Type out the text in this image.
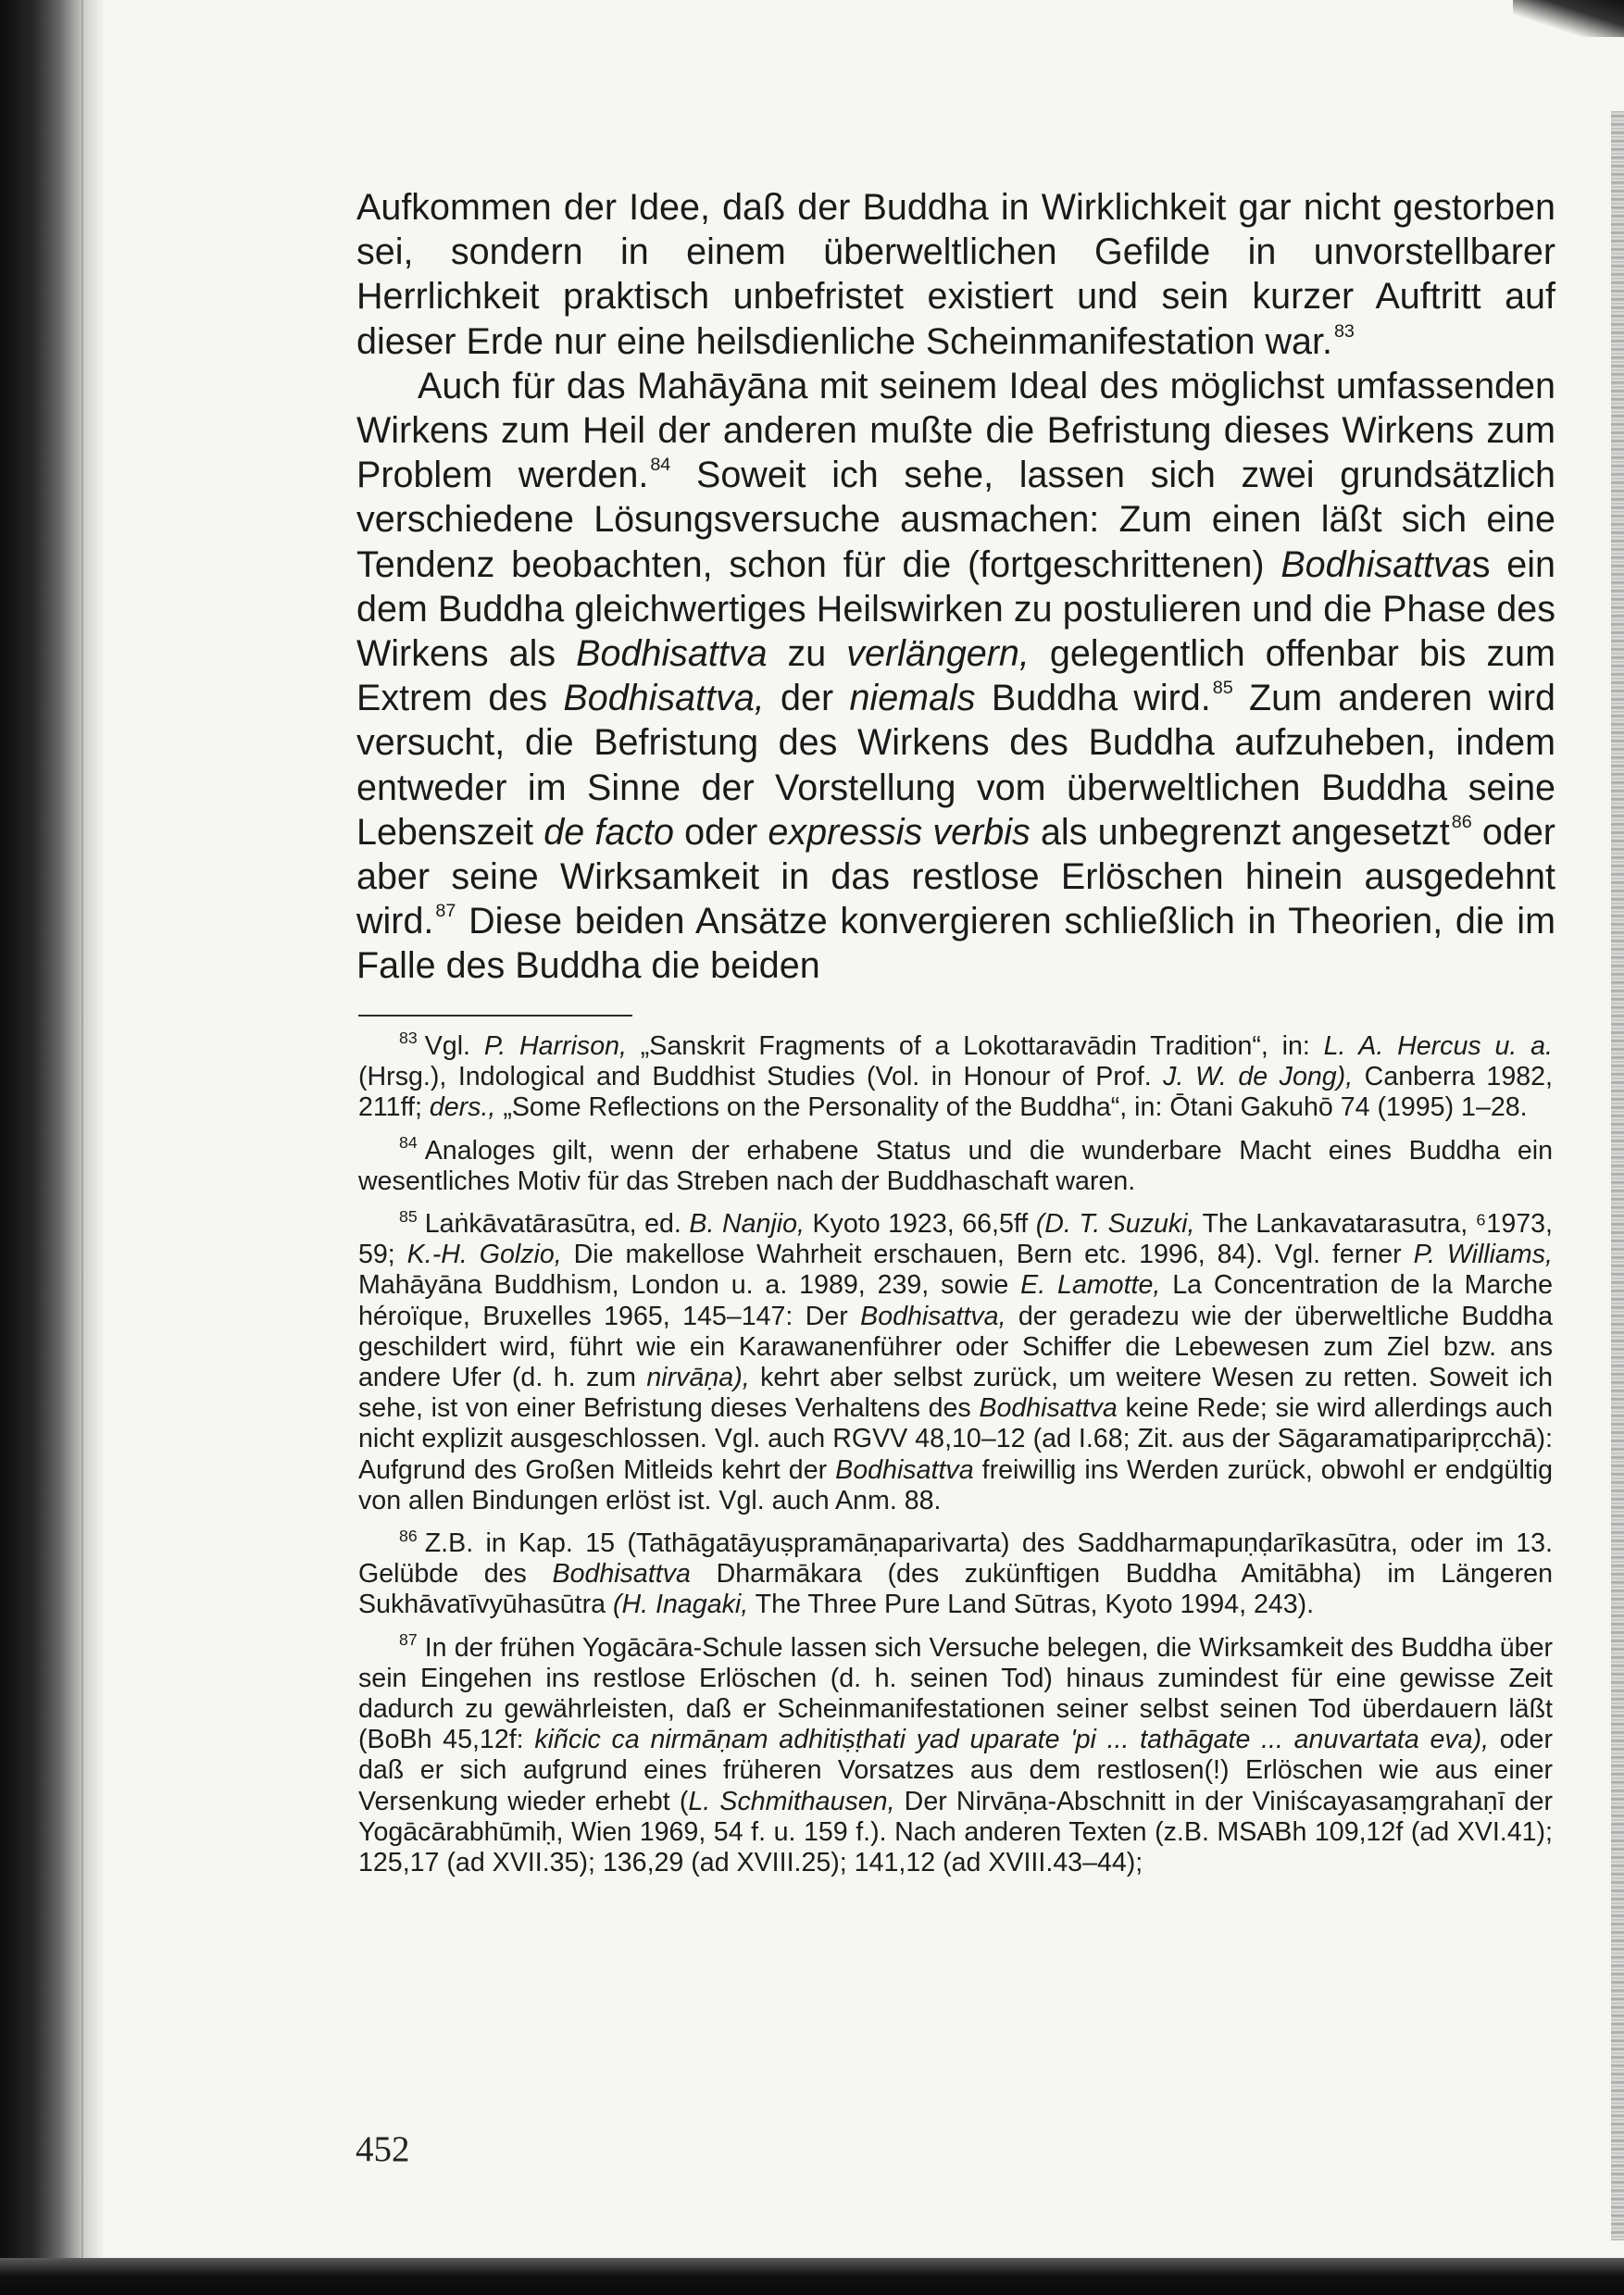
Aufkommen der Idee, daß der Buddha in Wirklichkeit gar nicht gestorben sei, sondern in einem überweltlichen Gefilde in unvorstellbarer Herrlichkeit praktisch unbefristet existiert und sein kurzer Auftritt auf dieser Erde nur eine heilsdienliche Scheinmanifestation war. $^{83}$

Auch für das Mahāyāna mit seinem Ideal des möglichst umfassenden Wirkens zum Heil der anderen mußte die Befristung dieses Wirkens zum Problem werden. $^{84}$ Soweit ich sehe, lassen sich zwei grundsätzlich verschiedene Lösungsversuche ausmachen: Zum einen läßt sich eine Tendenz beobachten, schon für die (fortgeschrittenen) Bodhisattvas ein dem Buddha gleichwertiges Heilswirken zu postulieren und die Phase des Wirkens als Bodhisattva zu verlängern, gelegentlich offenbar bis zum Extrem des Bodhisattva, der niemals Buddha wird. $^{85}$ Zum anderen wird versucht, die Befristung des Wirkens des Buddha aufzuheben, indem entweder im Sinne der Vorstellung vom überweltlichen Buddha seine Lebenszeit de facto oder expressis verbis als unbegrenzt angesetzt $^{86}$ oder aber seine Wirksamkeit in das restlose Erlöschen hinein ausgedehnt wird. $^{87}$ Diese beiden Ansätze konvergieren schließlich in Theorien, die im Falle des Buddha die beiden

$^{83}$ Vgl. P. Harrison, „Sanskrit Fragments of a Lokottaravādin Tradition“, in: L. A. Hercus u. a. (Hrsg.), Indological and Buddhist Studies (Vol. in Honour of Prof. J. W. de Jong), Canberra 1982, 211ff; ders., „Some Reflections on the Personality of the Buddha“, in: Ōtani Gakuhō 74 (1995) 1–28.

$^{84}$ Analoges gilt, wenn der erhabene Status und die wunderbare Macht eines Buddha ein wesentliches Motiv für das Streben nach der Buddhaschaft waren.

$^{85}$ Laṅkāvatārasūtra, ed. B. Nanjio, Kyoto 1923, 66,5ff (D. T. Suzuki, The Lankavatarasutra, ⁶1973, 59; K.-H. Golzio, Die makellose Wahrheit erschauen, Bern etc. 1996, 84). Vgl. ferner P. Williams, Mahāyāna Buddhism, London u. a. 1989, 239, sowie E. Lamotte, La Concentration de la Marche héroïque, Bruxelles 1965, 145–147: Der Bodhisattva, der geradezu wie der überweltliche Buddha geschildert wird, führt wie ein Karawanenführer oder Schiffer die Lebewesen zum Ziel bzw. ans andere Ufer (d. h. zum nirvāṇa), kehrt aber selbst zurück, um weitere Wesen zu retten. Soweit ich sehe, ist von einer Befristung dieses Verhaltens des Bodhisattva keine Rede; sie wird allerdings auch nicht explizit ausgeschlossen. Vgl. auch RGVV 48,10–12 (ad I.68; Zit. aus der Sāgaramatiparipṛcchā): Aufgrund des Großen Mitleids kehrt der Bodhisattva freiwillig ins Werden zurück, obwohl er endgültig von allen Bindungen erlöst ist. Vgl. auch Anm. 88.

$^{86}$ Z.B. in Kap. 15 (Tathāgatāyuṣpramāṇaparivarta) des Saddharmapuṇḍarīkasūtra, oder im 13. Gelübde des Bodhisattva Dharmākara (des zukünftigen Buddha Amitābha) im Längeren Sukhāvatīvyūhasūtra (H. Inagaki, The Three Pure Land Sūtras, Kyoto 1994, 243).

$^{87}$ In der frühen Yogācāra-Schule lassen sich Versuche belegen, die Wirksamkeit des Buddha über sein Eingehen ins restlose Erlöschen (d. h. seinen Tod) hinaus zumindest für eine gewisse Zeit dadurch zu gewährleisten, daß er Scheinmanifestationen seiner selbst seinen Tod überdauern läßt (BoBh 45,12f: kiñcic ca nirmāṇam adhitiṣṭhati yad uparate 'pi ... tathāgate ... anuvartata eva), oder daß er sich aufgrund eines früheren Vorsatzes aus dem restlosen(!) Erlöschen wie aus einer Versenkung wieder erhebt (L. Schmithausen, Der Nirvāṇa-Abschnitt in der Viniścayasaṃgrahaṇī der Yogācārabhūmiḥ, Wien 1969, 54 f. u. 159 f.). Nach anderen Texten (z.B. MSABh 109,12f (ad XVI.41); 125,17 (ad XVII.35); 136,29 (ad XVIII.25); 141,12 (ad XVIII.43–44);

452
